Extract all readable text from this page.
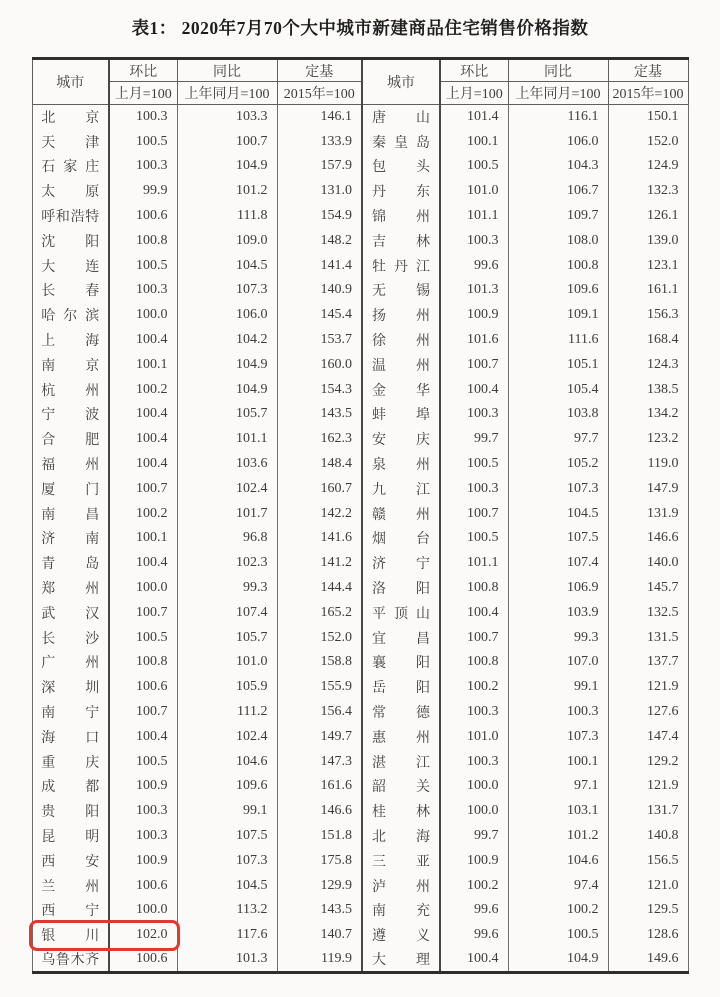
表1： 2020年7月70个大中城市新建商品住宅销售价格指数
城市	环比	同比	定基	城市	环比	同比	定基
	上月=100	上年同月=100	2015年=100		上月=100	上年同月=100	2015年=100
北京	100.3	103.3	146.1	唐山	101.4	116.1	150.1
天津	100.5	100.7	133.9	秦皇岛	100.1	106.0	152.0
石家庄	100.3	104.9	157.9	包头	100.5	104.3	124.9
太原	99.9	101.2	131.0	丹东	101.0	106.7	132.3
呼和浩特	100.6	111.8	154.9	锦州	101.1	109.7	126.1
沈阳	100.8	109.0	148.2	吉林	100.3	108.0	139.0
大连	100.5	104.5	141.4	牡丹江	99.6	100.8	123.1
长春	100.3	107.3	140.9	无锡	101.3	109.6	161.1
哈尔滨	100.0	106.0	145.4	扬州	100.9	109.1	156.3
上海	100.4	104.2	153.7	徐州	101.6	111.6	168.4
南京	100.1	104.9	160.0	温州	100.7	105.1	124.3
杭州	100.2	104.9	154.3	金华	100.4	105.4	138.5
宁波	100.4	105.7	143.5	蚌埠	100.3	103.8	134.2
合肥	100.4	101.1	162.3	安庆	99.7	97.7	123.2
福州	100.4	103.6	148.4	泉州	100.5	105.2	119.0
厦门	100.7	102.4	160.7	九江	100.3	107.3	147.9
南昌	100.2	101.7	142.2	赣州	100.7	104.5	131.9
济南	100.1	96.8	141.6	烟台	100.5	107.5	146.6
青岛	100.4	102.3	141.2	济宁	101.1	107.4	140.0
郑州	100.0	99.3	144.4	洛阳	100.8	106.9	145.7
武汉	100.7	107.4	165.2	平顶山	100.4	103.9	132.5
长沙	100.5	105.7	152.0	宜昌	100.7	99.3	131.5
广州	100.8	101.0	158.8	襄阳	100.8	107.0	137.7
深圳	100.6	105.9	155.9	岳阳	100.2	99.1	121.9
南宁	100.7	111.2	156.4	常德	100.3	100.3	127.6
海口	100.4	102.4	149.7	惠州	101.0	107.3	147.4
重庆	100.5	104.6	147.3	湛江	100.3	100.1	129.2
成都	100.9	109.6	161.6	韶关	100.0	97.1	121.9
贵阳	100.3	99.1	146.6	桂林	100.0	103.1	131.7
昆明	100.3	107.5	151.8	北海	99.7	101.2	140.8
西安	100.9	107.3	175.8	三亚	100.9	104.6	156.5
兰州	100.6	104.5	129.9	泸州	100.2	97.4	121.0
西宁	100.0	113.2	143.5	南充	99.6	100.2	129.5
银川	102.0	117.6	140.7	遵义	99.6	100.5	128.6
乌鲁木齐	100.6	101.3	119.9	大理	100.4	104.9	149.6
